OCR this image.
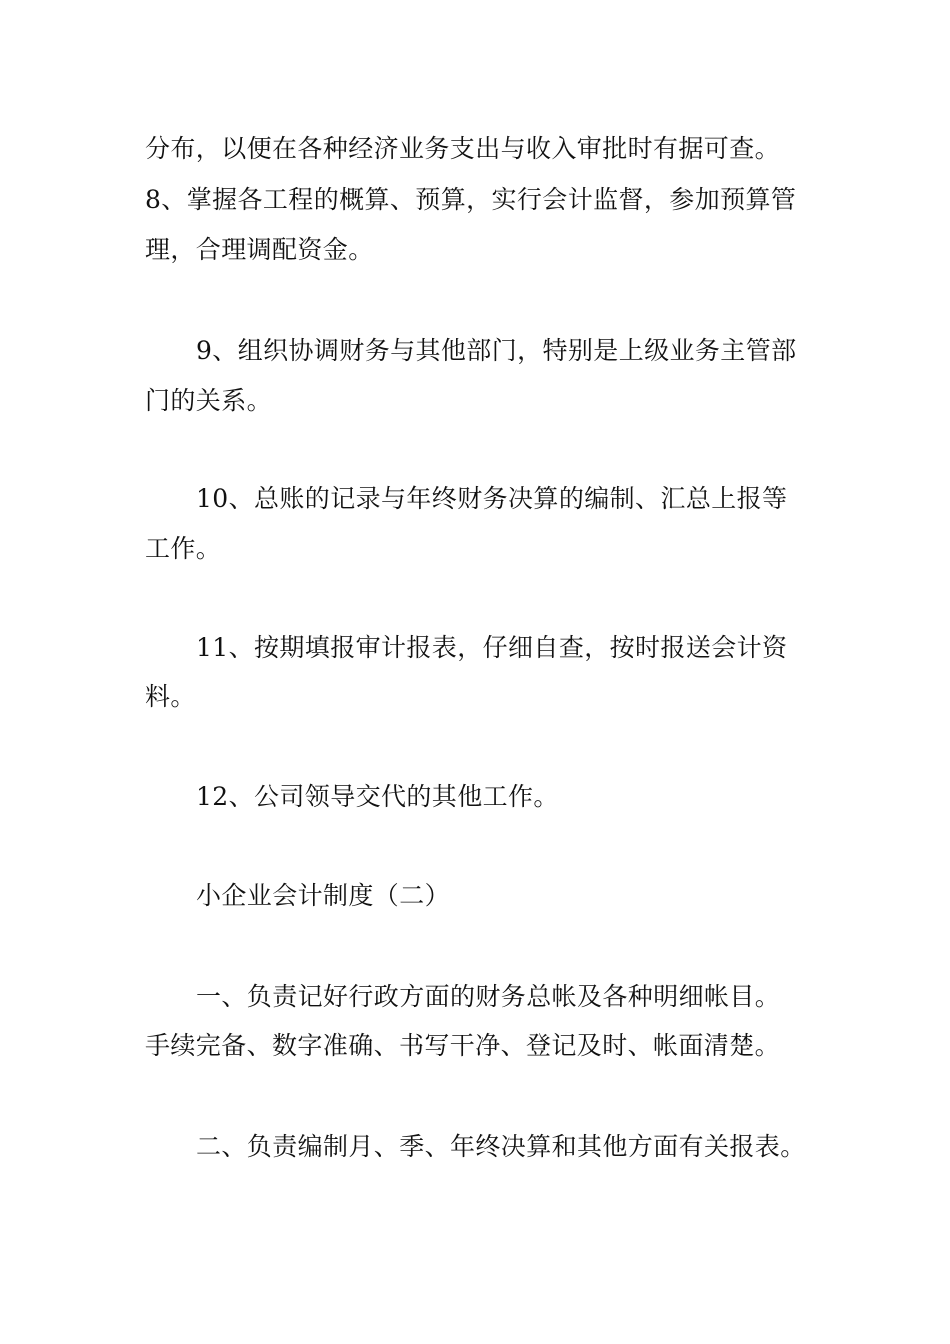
分布，以便在各种经济业务支出与收入审批时有据可查。
8、掌握各工程的概算、预算，实行会计监督，参加预算管
理，合理调配资金。
9、组织协调财务与其他部门，特别是上级业务主管部
门的关系。
10、总账的记录与年终财务决算的编制、汇总上报等
工作。
11、按期填报审计报表，仔细自查，按时报送会计资
料。
12、公司领导交代的其他工作。
小企业会计制度（二）
一、负责记好行政方面的财务总帐及各种明细帐目。
手续完备、数字准确、书写干净、登记及时、帐面清楚。
二、负责编制月、季、年终决算和其他方面有关报表。
